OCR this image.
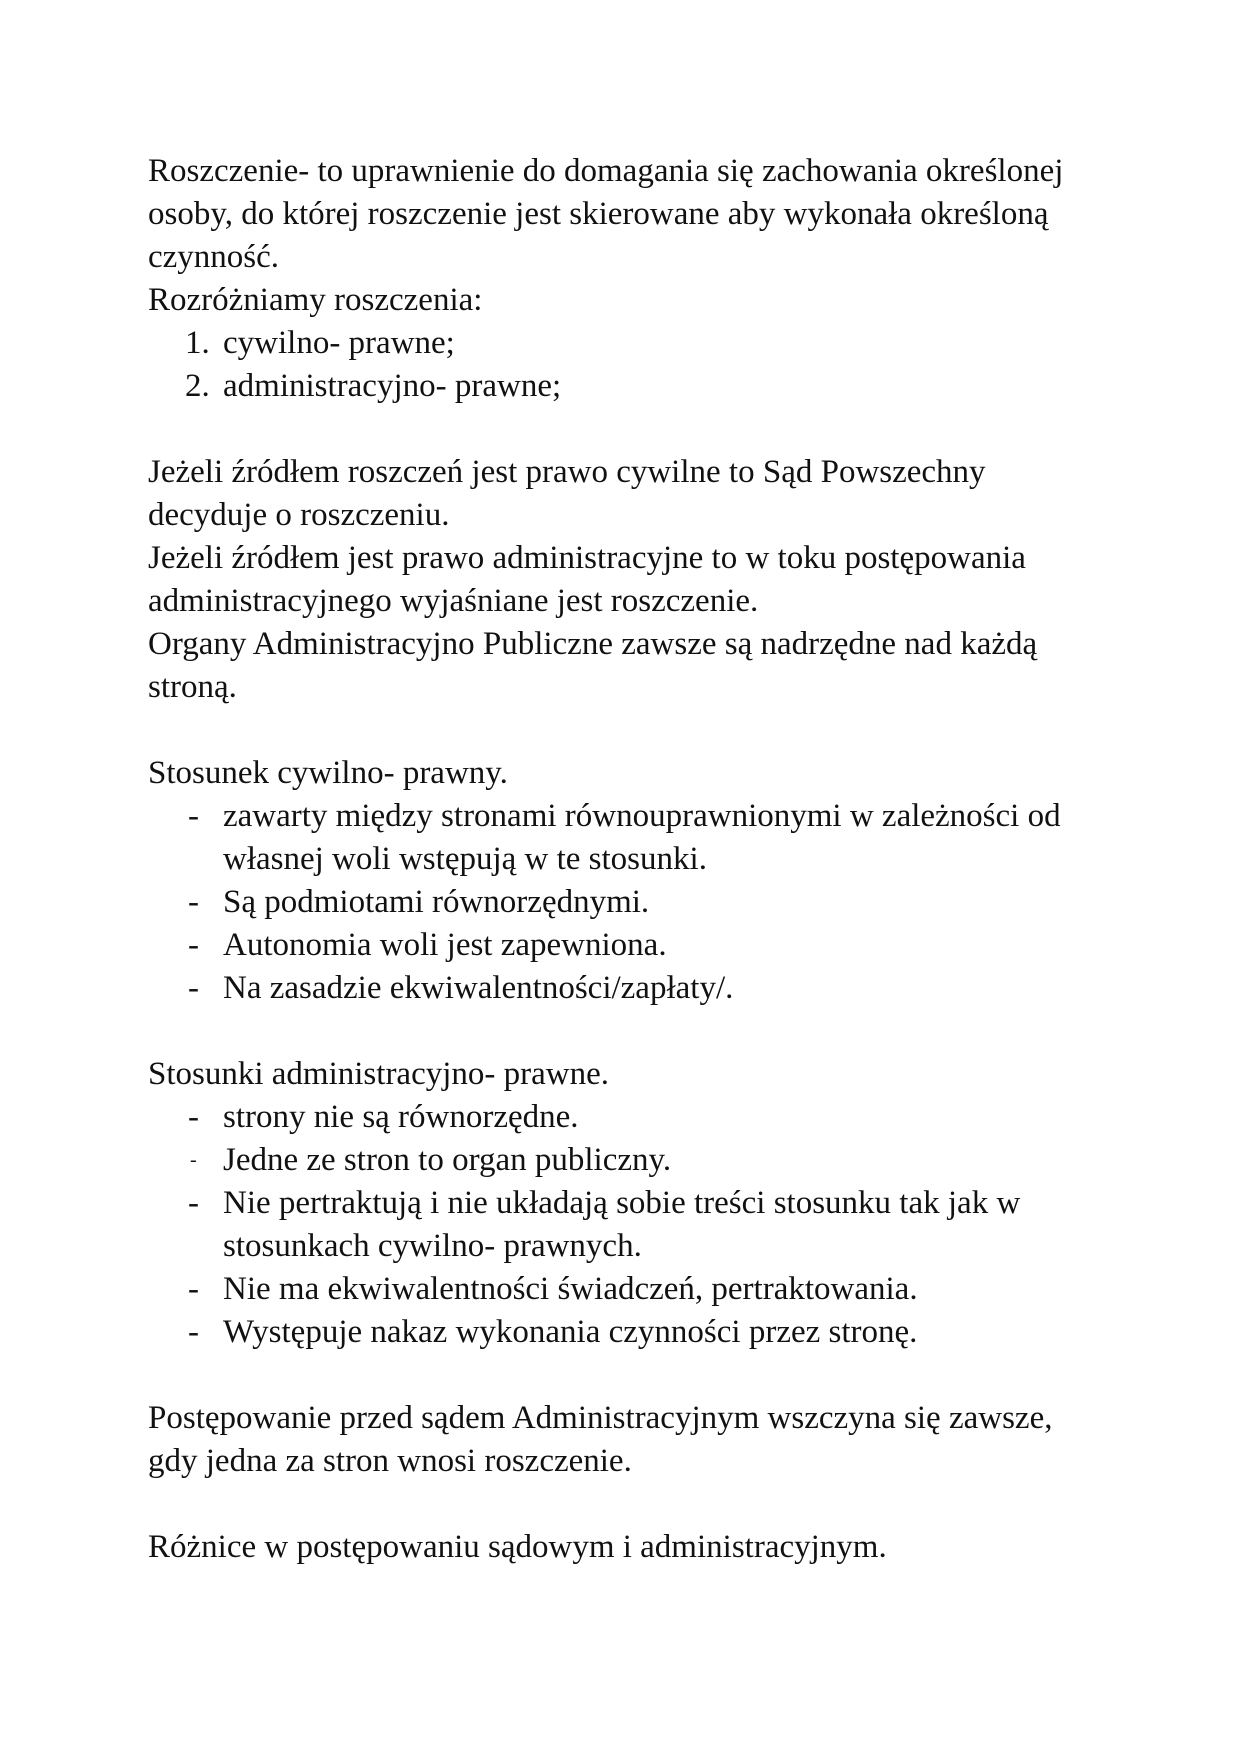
Roszczenie- to uprawnienie do domagania się zachowania określonej osoby, do której roszczenie jest skierowane aby wykonała określoną czynność.

Rozróżniamy roszczenia:

1. cywilno- prawne;
2. administracyjno- prawne;

Jeżeli źródłem roszczeń jest prawo cywilne to Sąd Powszechny decyduje o roszczeniu.

Jeżeli źródłem jest prawo administracyjne to w toku postępowania administracyjnego wyjaśniane jest roszczenie.

Organy Administracyjno Publiczne zawsze są nadrzędne nad każdą stroną.

Stosunek cywilno- prawny.

- zawarty między stronami równouprawnionymi w zależności od własnej woli wstępują w te stosunki.
- Są podmiotami równorzędnymi.
- Autonomia woli jest zapewniona.
- Na zasadzie ekwiwalentności/zapłaty/.

Stosunki administracyjno- prawne.

- strony nie są równorzędne.
- Jedne ze stron to organ publiczny.
- Nie pertraktują i nie układają sobie treści stosunku tak jak w stosunkach cywilno- prawnych.
- Nie ma ekwiwalentności świadczeń, pertraktowania.
- Występuje nakaz wykonania czynności przez stronę.

Postępowanie przed sądem Administracyjnym wszczyna się zawsze, gdy jedna za stron wnosi roszczenie.

Różnice w postępowaniu sądowym i administracyjnym.
